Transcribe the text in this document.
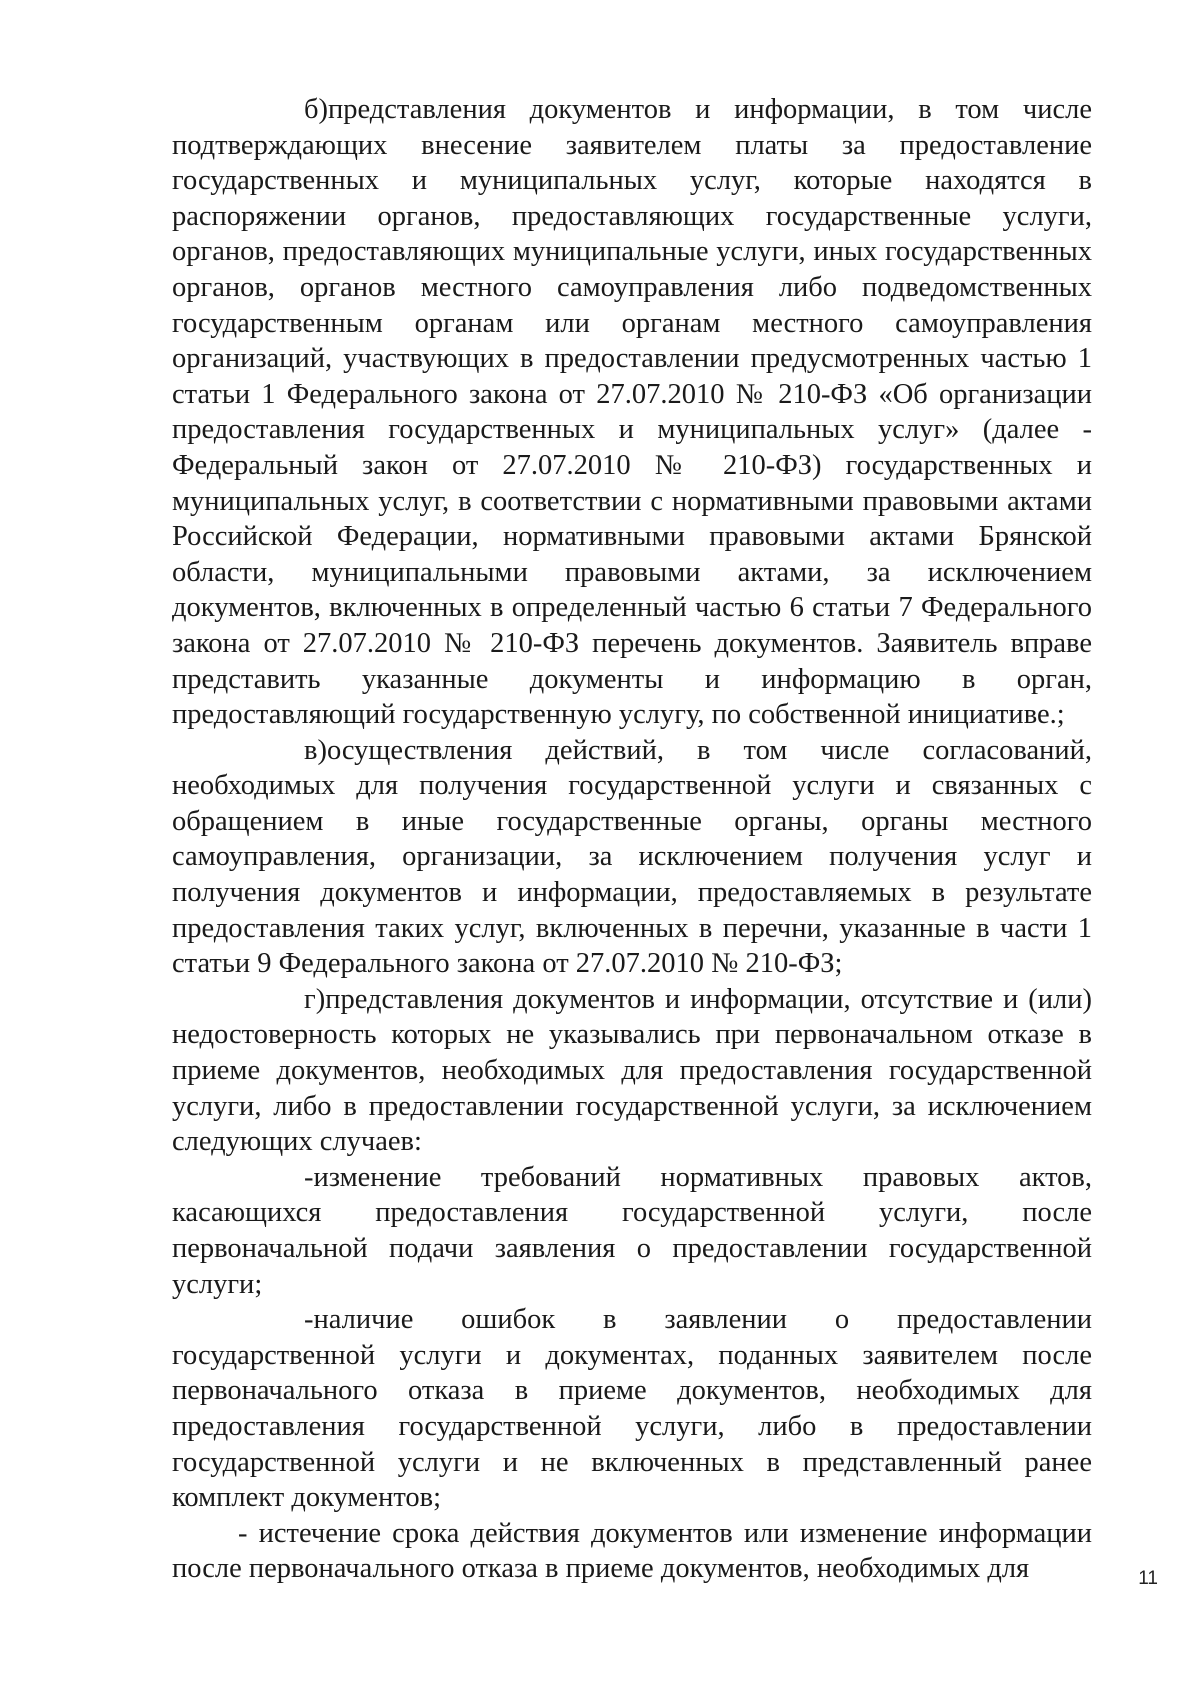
б)представления документов и информации, в том числе подтверждающих внесение заявителем платы за предоставление государственных и муниципальных услуг, которые находятся в распоряжении органов, предоставляющих государственные услуги, органов, предоставляющих муниципальные услуги, иных государственных органов, органов местного самоуправления либо подведомственных государственным органам или органам местного самоуправления организаций, участвующих в предоставлении предусмотренных частью 1 статьи 1 Федерального закона от 27.07.2010 № 210-ФЗ «Об организации предоставления государственных и муниципальных услуг» (далее - Федеральный закон от 27.07.2010 № 210-ФЗ) государственных и муниципальных услуг, в соответствии с нормативными правовыми актами Российской Федерации, нормативными правовыми актами Брянской области, муниципальными правовыми актами, за исключением документов, включенных в определенный частью 6 статьи 7 Федерального закона от 27.07.2010 № 210-ФЗ перечень документов. Заявитель вправе представить указанные документы и информацию в орган, предоставляющий государственную услугу, по собственной инициативе.;

в)осуществления действий, в том числе согласований, необходимых для получения государственной услуги и связанных с обращением в иные государственные органы, органы местного самоуправления, организации, за исключением получения услуг и получения документов и информации, предоставляемых в результате предоставления таких услуг, включенных в перечни, указанные в части 1 статьи 9 Федерального закона от 27.07.2010 № 210-ФЗ;

г)представления документов и информации, отсутствие и (или) недостоверность которых не указывались при первоначальном отказе в приеме документов, необходимых для предоставления государственной услуги, либо в предоставлении государственной услуги, за исключением следующих случаев:

-изменение требований нормативных правовых актов, касающихся предоставления государственной услуги, после первоначальной подачи заявления о предоставлении государственной услуги;

-наличие ошибок в заявлении о предоставлении государственной услуги и документах, поданных заявителем после первоначального отказа в приеме документов, необходимых для предоставления государственной услуги, либо в предоставлении государственной услуги и не включенных в представленный ранее комплект документов;

- истечение срока действия документов или изменение информации после первоначального отказа в приеме документов, необходимых для	11
